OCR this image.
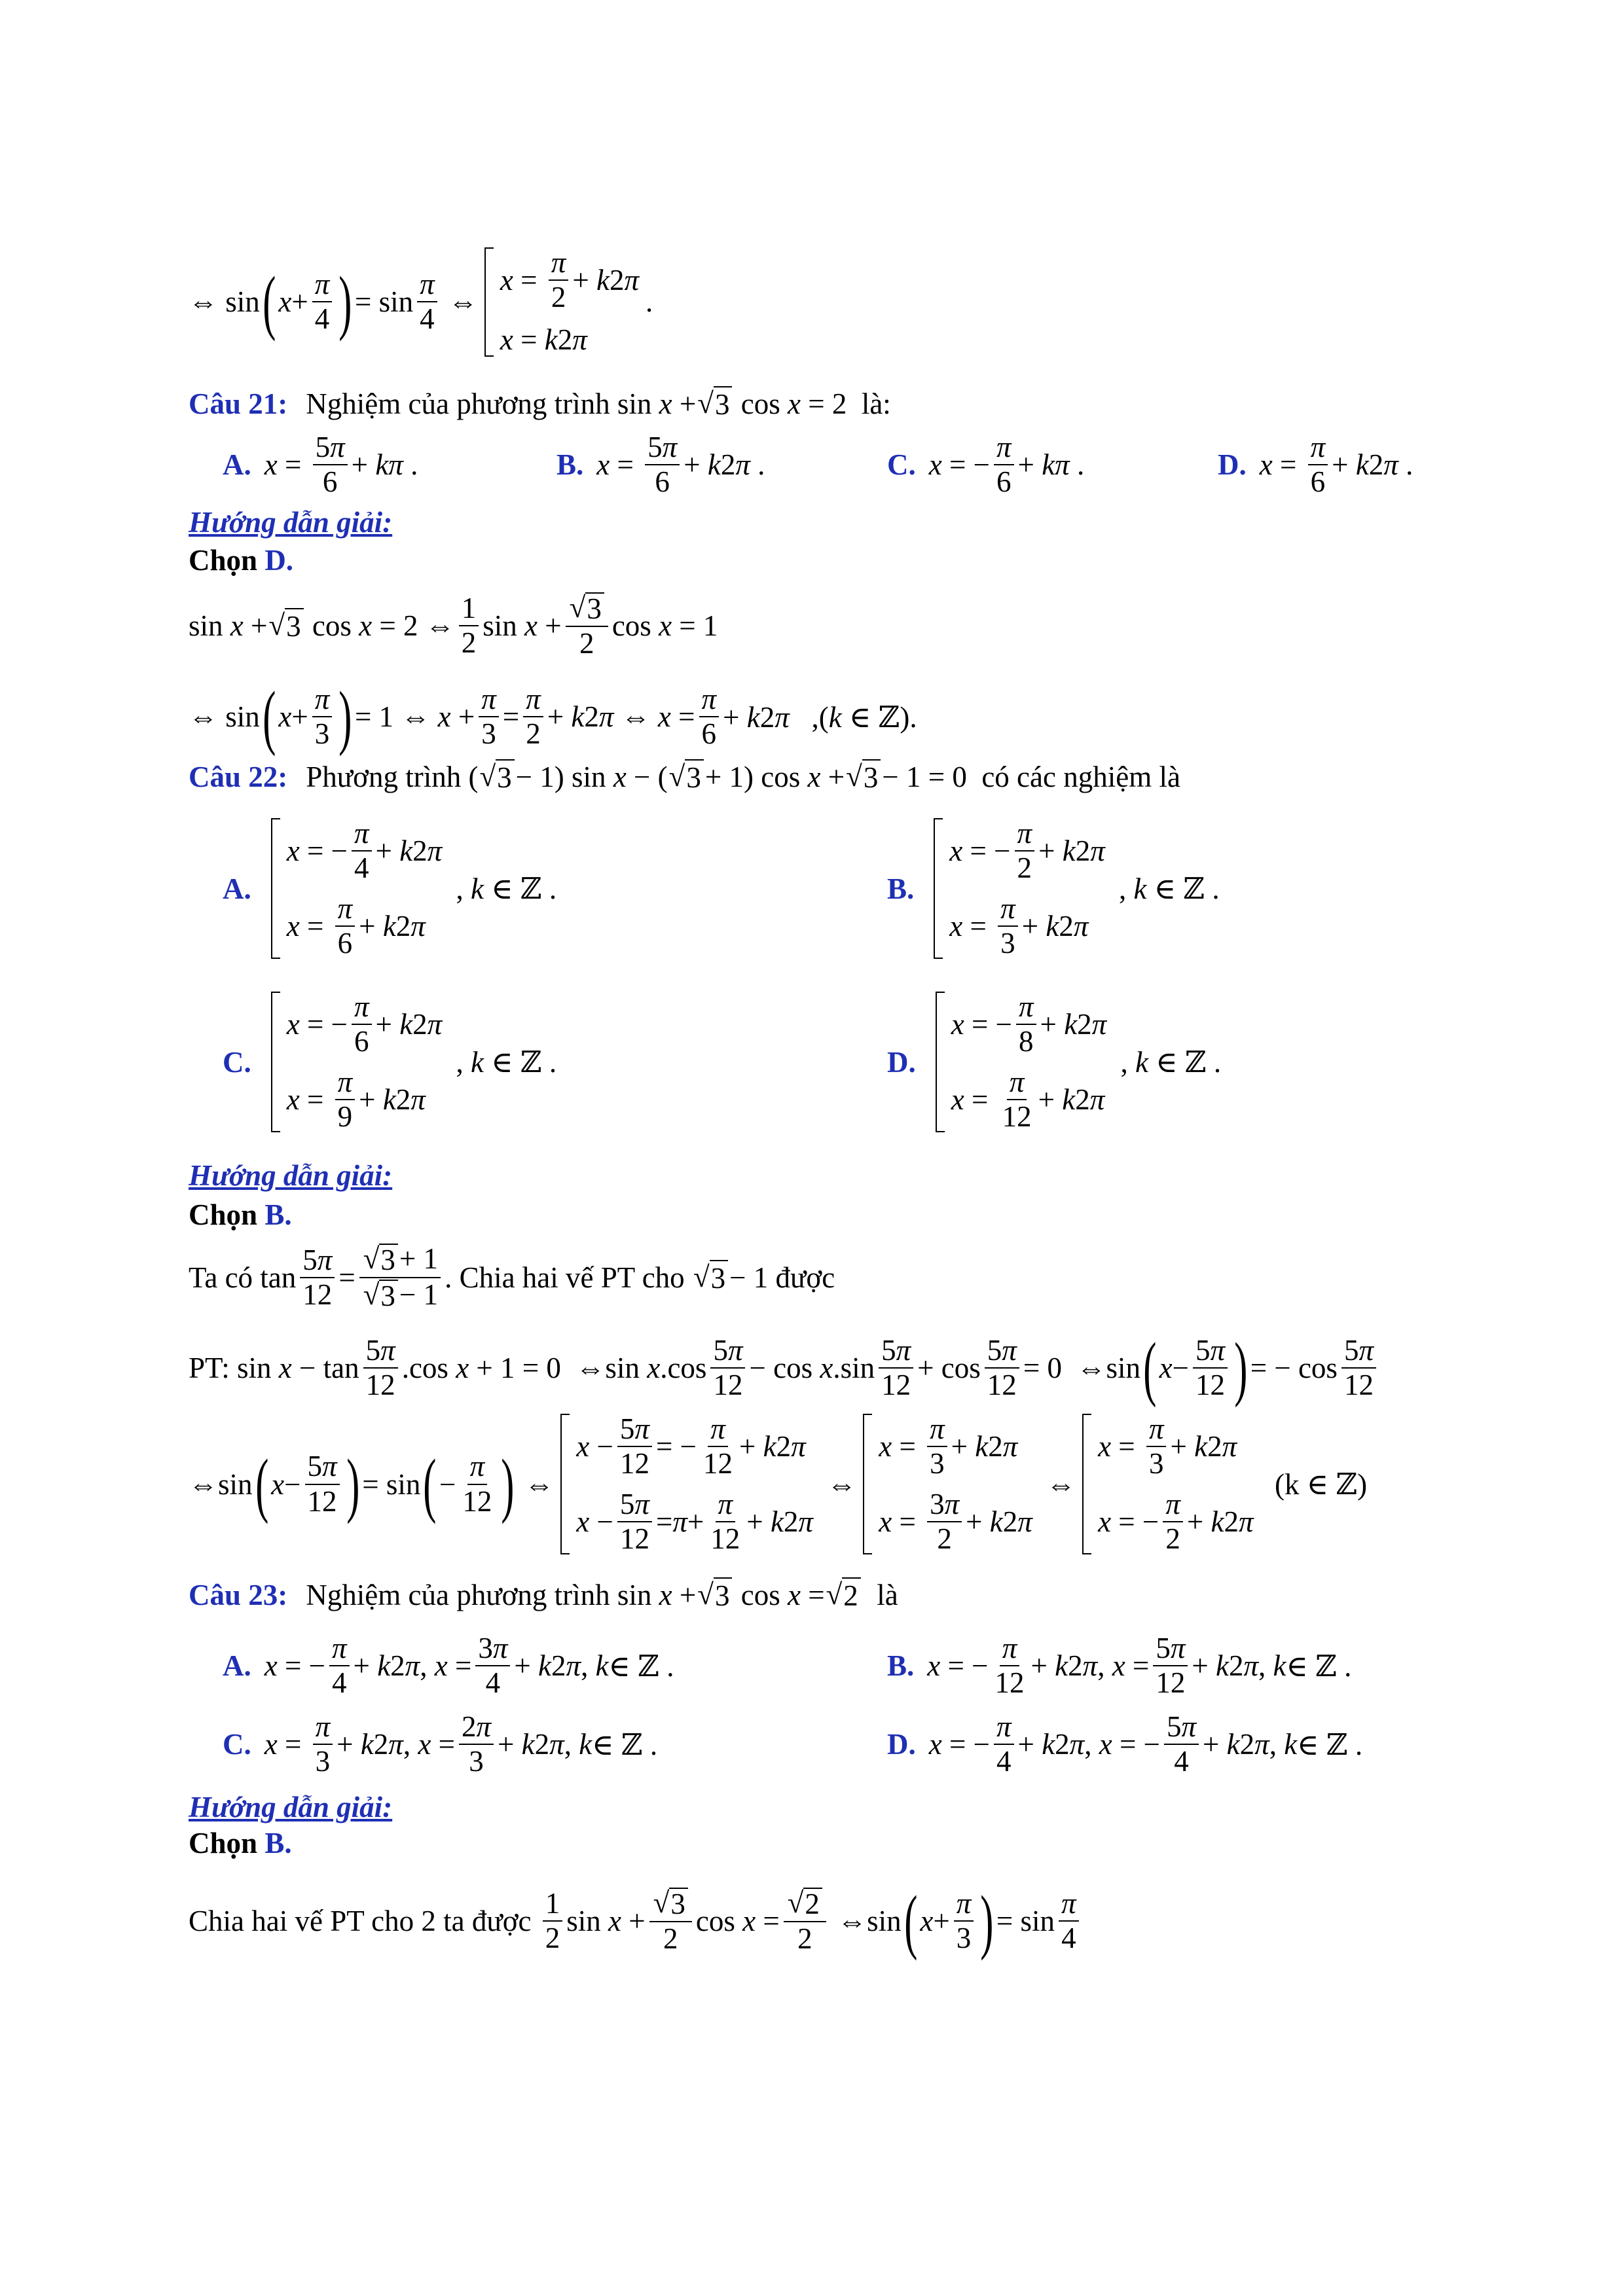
⇔ sin ( $x + \frac{\pi}{4}$ ) = $\sin \frac{\pi}{4}$ ⇔
$x = \frac{\pi}{2} + k$ 2 π
x = k 2 π
.
Câu 21: Nghiệm của phương trình sin x + √ 3 cos x = 2  là:
A. $x = \frac{5\pi}{6} + k\pi$ .	B. $x = \frac{5\pi}{6} + k$ 2 π .	C. x = − $\frac{\pi}{6} + k\pi$ .	D. $x = \frac{\pi}{6} + k$ 2 π .
Hướng dẫn giải:
Chọn
D.
sin x + √ 3 cos x = 2 ⇔ $\frac{1}{2}$ $\sin x + \frac{√ 3}{2}$ cos x = 1
⇔ sin ( $x + \frac{\pi}{3}$ ) = 1 ⇔ $x + \frac{\pi}{3} = \frac{\pi}{2} + k2\pi$ ⇔ $x = \frac{\pi}{6} + k2\pi$   ,(k ∈ ℤ).
Câu 22: Phương trình ( √ 3 − 1) sin x − ( √ 3 + 1) cos x + √ 3 − 1 = 0 có các nghiệm là
A.
x = − $\frac{\pi}{4} + k$ 2 π
$x = \frac{\pi}{6} + k$ 2 π
, k ∈ ℤ .	B.
x = − $\frac{\pi}{2} + k$ 2 π
$x = \frac{\pi}{3} + k$ 2 π
, k ∈ ℤ .
C.
x = − $\frac{\pi}{6} + k$ 2 π
$x = \frac{\pi}{9} + k$ 2 π
, k ∈ ℤ .	D.
x = − $\frac{\pi}{8} + k$ 2 π
$x = \frac{\pi}{12} + k$ 2 π
, k ∈ ℤ .
Hướng dẫn giải:
Chọn
B.
Ta có $\tan \frac{5\pi}{12} = \frac{√ 3 + 1}{√ 3 - 1}$ . Chia hai vế PT cho
√ 3 − 1 được
PT: $\sin x - \tan \frac{5\pi}{12} .\cos$ x + 1 = 0  ⇔sin $x.\cos \frac{5\pi}{12} - \cos x.\sin \frac{5\pi}{12} + \cos \frac{5\pi}{12} = 0$  ⇔sin ( $x - \frac{5\pi}{12}$ ) = − $\cos \frac{5\pi}{12}$
⇔sin ( $x - \frac{5\pi}{12}$ ) = sin ( − $\frac{\pi}{12}$ ) ⇔
$x - \frac{5\pi}{12}$ = − $\frac{\pi}{12} + k$ 2 π
$x - \frac{5\pi}{12} = \pi + \frac{\pi}{12} + k$ 2 π
⇔
$x = \frac{\pi}{3} + k$ 2 π
$x = \frac{3\pi}{2} + k$ 2 π
⇔
$x = \frac{\pi}{3} + k$ 2 π
x = − $\frac{\pi}{2} + k$ 2 π

(k ∈ ℤ)
Câu 23: Nghiệm của phương trình sin x + √ 3 cos x = √ 2 là
A. x = − $\frac{\pi}{4} + k$ 2 π , $x = \frac{3\pi}{4} + k$ 2 π , k ∈ ℤ .	B. x = − $\frac{\pi}{12} + k$ 2 π , $x = \frac{5\pi}{12} + k$ 2 π , k ∈ ℤ .
C. $x = \frac{\pi}{3} + k$ 2 π , $x = \frac{2\pi}{3} + k$ 2 π , k ∈ ℤ .	D. x = − $\frac{\pi}{4} + k$ 2 π , x = − $\frac{5\pi}{4} + k$ 2 π , k ∈ ℤ .
Hướng dẫn giải:
Chọn
B.
Chia hai vế PT cho 2 ta được
$\frac{1}{2}$ $\sin x + \frac{√ 3}{2}$ $\cos x = \frac{√ 2}{2}$ ⇔sin ( $x + \frac{\pi}{3}$ ) = $\sin \frac{\pi}{4}$
